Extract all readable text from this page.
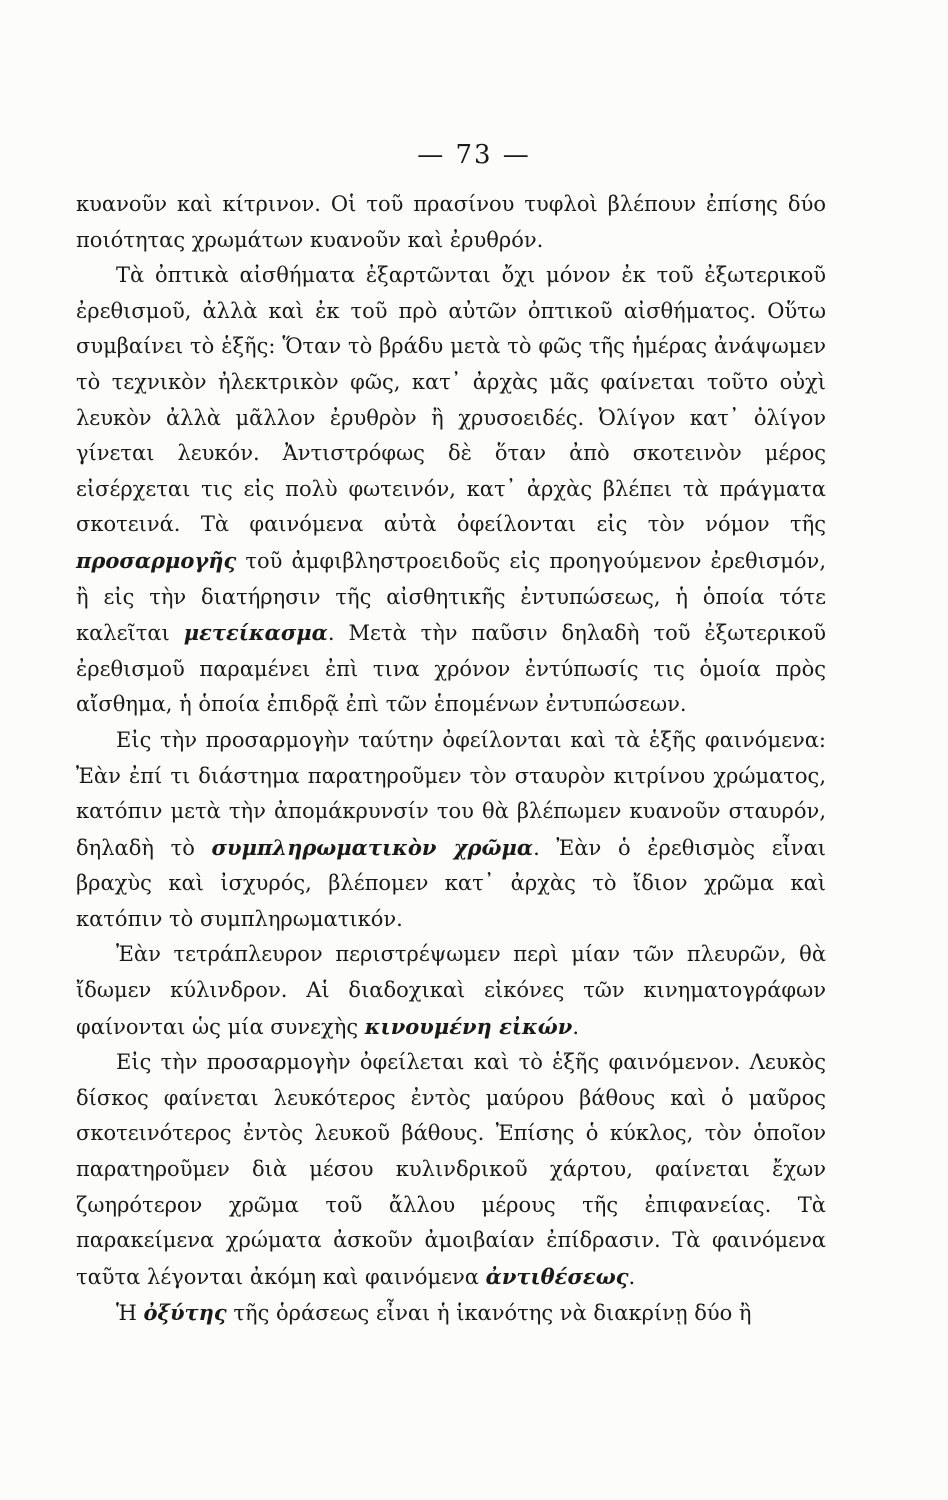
— 73 —

κυανοῦν καὶ κίτρινον. Οἱ τοῦ πρασίνου τυφλοὶ βλέπουν ἐπίσης δύο ποιότητας χρωμάτων κυανοῦν καὶ ἐρυθρόν.

Τὰ ὀπτικὰ αἰσθήματα ἐξαρτῶνται ὄχι μόνον ἐκ τοῦ ἐξωτερικοῦ ἐρεθισμοῦ, ἀλλὰ καὶ ἐκ τοῦ πρὸ αὐτῶν ὀπτικοῦ αἰσθήματος. Οὕτω συμβαίνει τὸ ἑξῆς: Ὅταν τὸ βράδυ μετὰ τὸ φῶς τῆς ἡμέρας ἀνάψωμεν τὸ τεχνικὸν ἠλεκτρικὸν φῶς, κατ᾽ ἀρχὰς μᾶς φαίνεται τοῦτο οὐχὶ λευκὸν ἀλλὰ μᾶλλον ἐρυθρὸν ἢ χρυσοειδές. Ὀλίγον κατ᾽ ὀλίγον γίνεται λευκόν. Ἀντιστρόφως δὲ ὅταν ἀπὸ σκοτεινὸν μέρος εἰσέρχεται τις εἰς πολὺ φωτεινόν, κατ᾽ ἀρχὰς βλέπει τὰ πράγματα σκοτεινά. Τὰ φαινόμενα αὐτὰ ὀφείλονται εἰς τὸν νόμον τῆς προσαρμογῆς τοῦ ἀμφιβληστροειδοῦς εἰς προηγούμενον ἐρεθισμόν, ἢ εἰς τὴν διατήρησιν τῆς αἰσθητικῆς ἐντυπώσεως, ἡ ὁποία τότε καλεῖται μετείκασμα. Μετὰ τὴν παῦσιν δηλαδὴ τοῦ ἐξωτερικοῦ ἐρεθισμοῦ παραμένει ἐπὶ τινα χρόνον ἐντύπωσίς τις ὁμοία πρὸς αἴσθημα, ἡ ὁποία ἐπιδρᾷ ἐπὶ τῶν ἑπομένων ἐντυπώσεων.

Εἰς τὴν προσαρμογὴν ταύτην ὀφείλονται καὶ τὰ ἑξῆς φαινόμενα: Ἐὰν ἐπί τι διάστημα παρατηροῦμεν τὸν σταυρὸν κιτρίνου χρώματος, κατόπιν μετὰ τὴν ἀπομάκρυνσίν του θὰ βλέπωμεν κυανοῦν σταυρόν, δηλαδὴ τὸ συμπληρωματικὸν χρῶμα. Ἐὰν ὁ ἐρεθισμὸς εἶναι βραχὺς καὶ ἰσχυρός, βλέπομεν κατ᾽ ἀρχὰς τὸ ἴδιον χρῶμα καὶ κατόπιν τὸ συμπληρωματικόν.

Ἐὰν τετράπλευρον περιστρέψωμεν περὶ μίαν τῶν πλευρῶν, θὰ ἴδωμεν κύλινδρον. Αἱ διαδοχικαὶ εἰκόνες τῶν κινηματογράφων φαίνονται ὡς μία συνεχὴς κινουμένη εἰκών.

Εἰς τὴν προσαρμογὴν ὀφείλεται καὶ τὸ ἑξῆς φαινόμενον. Λευκὸς δίσκος φαίνεται λευκότερος ἐντὸς μαύρου βάθους καὶ ὁ μαῦρος σκοτεινότερος ἐντὸς λευκοῦ βάθους. Ἐπίσης ὁ κύκλος, τὸν ὁποῖον παρατηροῦμεν διὰ μέσου κυλινδρικοῦ χάρτου, φαίνεται ἔχων ζωηρότερον χρῶμα τοῦ ἄλλου μέρους τῆς ἐπιφανείας. Τὰ παρακείμενα χρώματα ἀσκοῦν ἀμοιβαίαν ἐπίδρασιν. Τὰ φαινόμενα ταῦτα λέγονται ἀκόμη καὶ φαινόμενα ἀντιθέσεως.

Ἡ ὀξύτης τῆς ὁράσεως εἶναι ἡ ἱκανότης νὰ διακρίνῃ δύο ἢ
